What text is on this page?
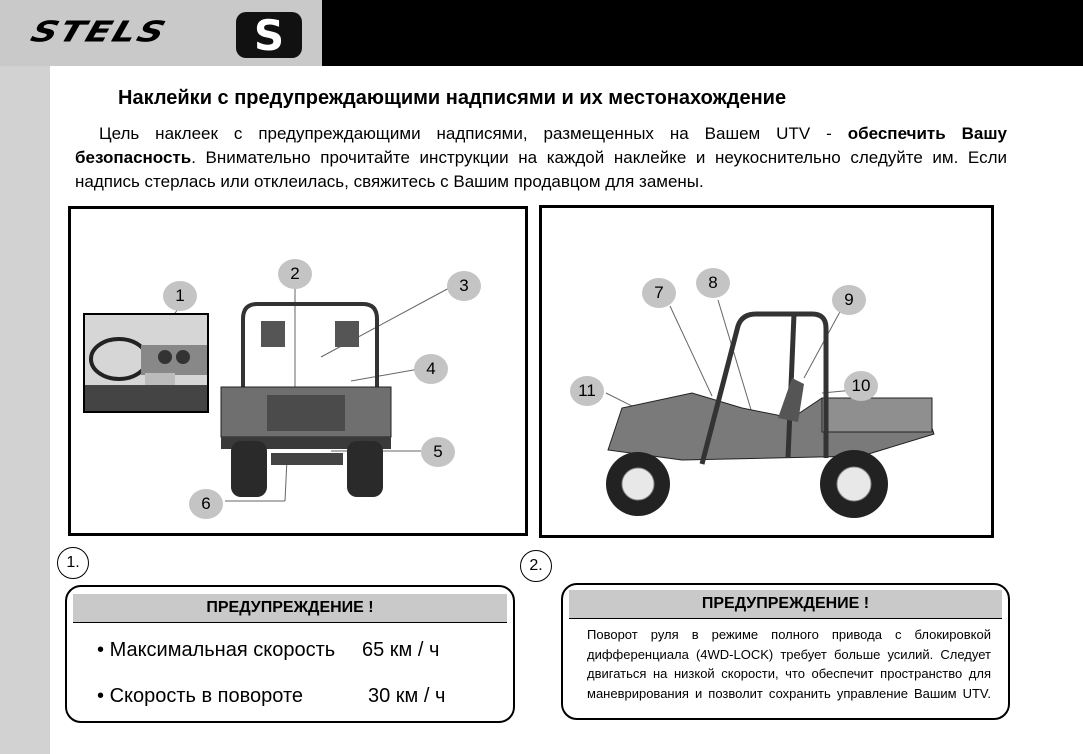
STELS	S
Наклейки с предупреждающими надписями и их местонахождение

Цель наклеек с предупреждающими надписями, размещенных на Вашем UTV - обеспечить Вашу безопасность. Внимательно прочитайте инструкции на каждой наклейке и неукоснительно следуйте им. Если надпись стерлась или отклеилась, свяжитесь с Вашим продавцом для замены.

1
2
3
4
5
6
7
8
9
10
11
1.	2.
ПРЕДУПРЕЖДЕНИЕ !
• Максимальная скорость 65 км / ч
• Скорость в повороте	30 км / ч
ПРЕДУПРЕЖДЕНИЕ !
Поворот руля в режиме полного привода с блокировкой дифференциала (4WD-LOCK) требует больше усилий. Следует двигаться на низкой скорости, что обеспечит пространство для маневрирования и позволит сохранить управление Вашим UTV.
